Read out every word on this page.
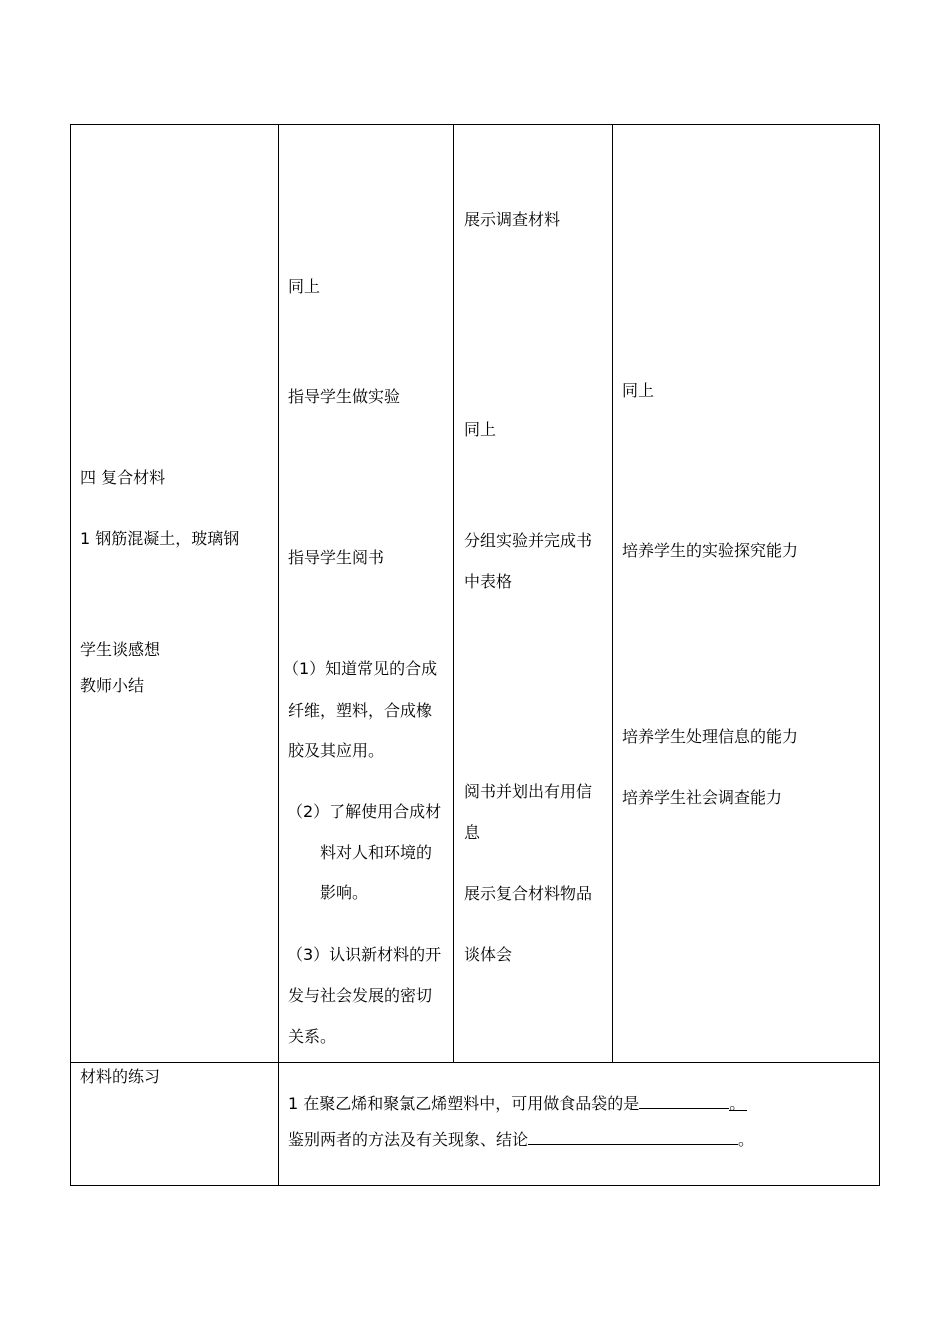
四 复合材料
1 钢筋混凝土，玻璃钢
学生谈感想
教师小结
同上
指导学生做实验
指导学生阅书
（1）知道常见的合成
纤维，塑料，合成橡
胶及其应用。
（2）了解使用合成材
料对人和环境的
影响。
（3）认识新材料的开
发与社会发展的密切
关系。
展示调查材料
同上
分组实验并完成书
中表格
阅书并划出有用信
息
展示复合材料物品
谈体会
同上
培养学生的实验探究能力
培养学生处理信息的能力
培养学生社会调查能力
材料的练习
1 在聚乙烯和聚氯乙烯塑料中，可用做食品袋的是	。
鉴别两者的方法及有关现象、结论	。
